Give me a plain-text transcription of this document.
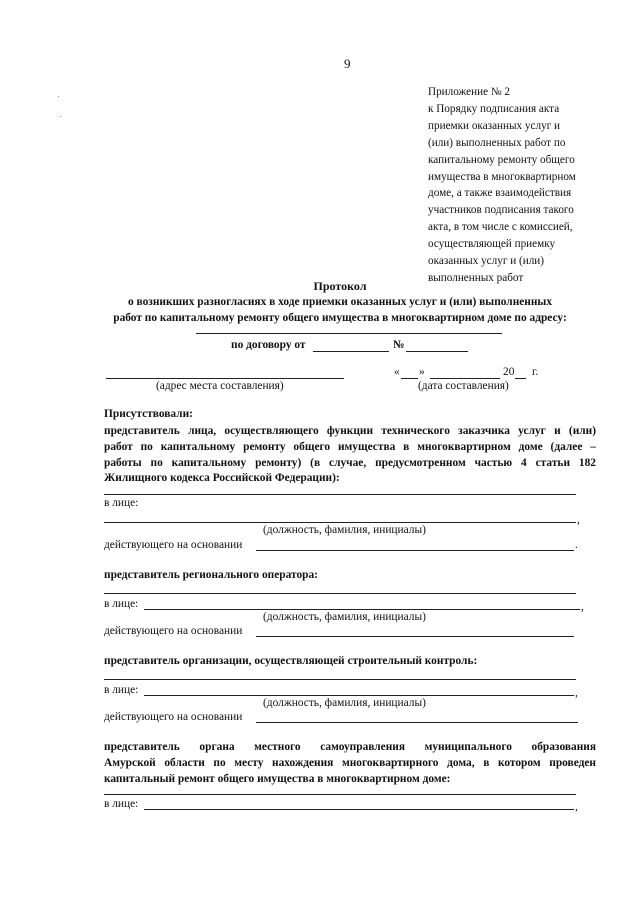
9
Приложение № 2
к Порядку подписания акта
приемки оказанных услуг и
(или) выполненных работ по
капитальному ремонту общего
имущества в многоквартирном
доме, а также взаимодействия
участников подписания такого
акта, в том числе с комиссией,
осуществляющей приемку
оказанных услуг и (или)
выполненных работ
Протокол
о возникших разногласиях в ходе приемки оказанных услуг и (или) выполненных
работ по капитальному ремонту общего имущества в многоквартирном доме по адресу:
по договору от	№
(адрес места составления)
« »	20 г.
(дата составления)
Присутствовали:
представитель лица, осуществляющего функции технического заказчика услуг и (или)
работ по капитальному ремонту общего имущества в многоквартирном доме (далее –
работы по капитальному ремонту) (в случае, предусмотренном частью 4 статьи 182
Жилищного кодекса Российской Федерации):
в лице:
,
(должность, фамилия, инициалы)
действующего на основании	.
представитель регионального оператора:
в лице:	,
(должность, фамилия, инициалы)
действующего на основании
представитель организации, осуществляющей строительный контроль:
в лице:	,
(должность, фамилия, инициалы)
действующего на основании
представитель органа местного самоуправления муниципального образования
Амурской области по месту нахождения многоквартирного дома, в котором проведен
капитальный ремонт общего имущества в многоквартирном доме:
в лице:	,
